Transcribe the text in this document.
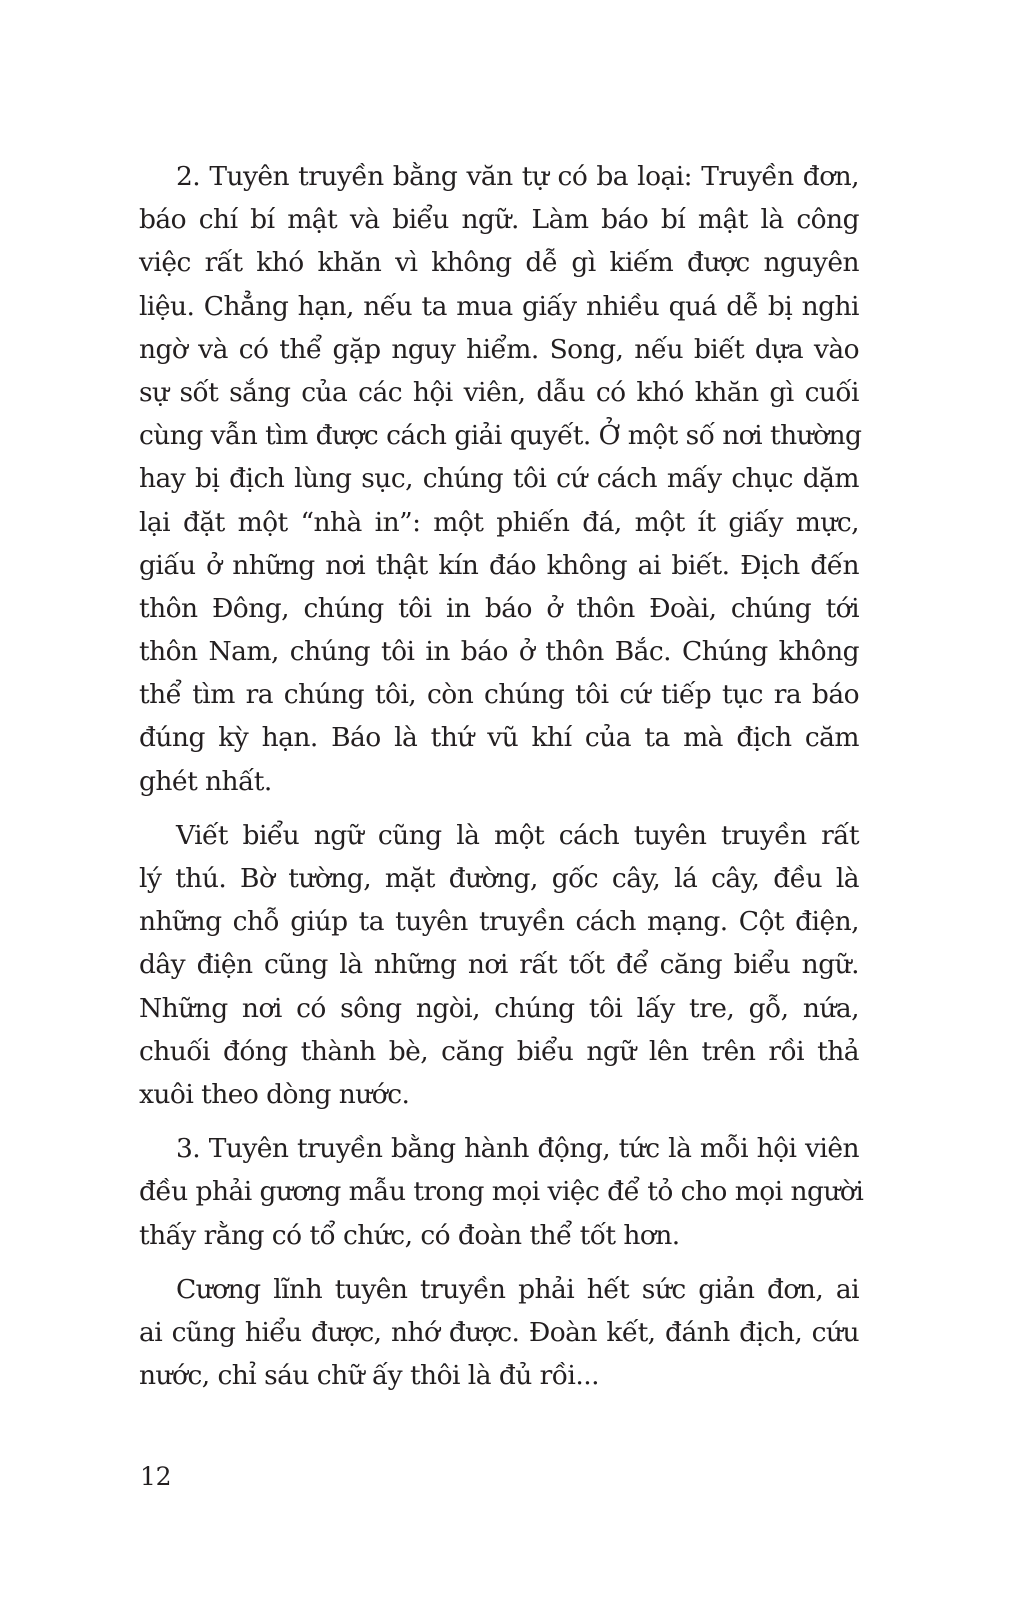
2. Tuyên truyền bằng văn tự có ba loại: Truyền đơn,
báo chí bí mật và biểu ngữ. Làm báo bí mật là công
việc rất khó khăn vì không dễ gì kiếm được nguyên
liệu. Chẳng hạn, nếu ta mua giấy nhiều quá dễ bị nghi
ngờ và có thể gặp nguy hiểm. Song, nếu biết dựa vào
sự sốt sắng của các hội viên, dẫu có khó khăn gì cuối
cùng vẫn tìm được cách giải quyết. Ở một số nơi thường
hay bị địch lùng sục, chúng tôi cứ cách mấy chục dặm
lại đặt một “nhà in”: một phiến đá, một ít giấy mực,
giấu ở những nơi thật kín đáo không ai biết. Địch đến
thôn Đông, chúng tôi in báo ở thôn Đoài, chúng tới
thôn Nam, chúng tôi in báo ở thôn Bắc. Chúng không
thể tìm ra chúng tôi, còn chúng tôi cứ tiếp tục ra báo
đúng kỳ hạn. Báo là thứ vũ khí của ta mà địch căm
ghét nhất.
Viết biểu ngữ cũng là một cách tuyên truyền rất
lý thú. Bờ tường, mặt đường, gốc cây, lá cây, đều là
những chỗ giúp ta tuyên truyền cách mạng. Cột điện,
dây điện cũng là những nơi rất tốt để căng biểu ngữ.
Những nơi có sông ngòi, chúng tôi lấy tre, gỗ, nứa,
chuối đóng thành bè, căng biểu ngữ lên trên rồi thả
xuôi theo dòng nước.
3. Tuyên truyền bằng hành động, tức là mỗi hội viên
đều phải gương mẫu trong mọi việc để tỏ cho mọi người
thấy rằng có tổ chức, có đoàn thể tốt hơn.
Cương lĩnh tuyên truyền phải hết sức giản đơn, ai
ai cũng hiểu được, nhớ được. Đoàn kết, đánh địch, cứu
nước, chỉ sáu chữ ấy thôi là đủ rồi...
12
